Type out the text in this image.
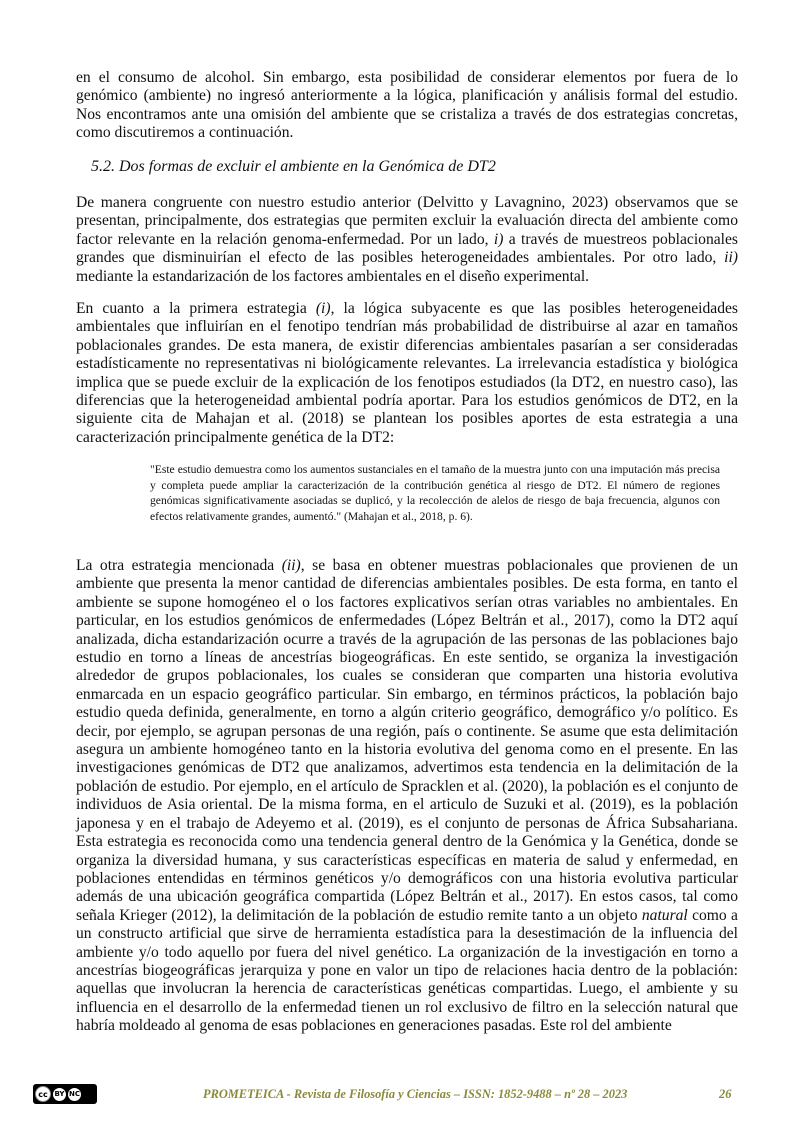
en el consumo de alcohol. Sin embargo, esta posibilidad de considerar elementos por fuera de lo genómico (ambiente) no ingresó anteriormente a la lógica, planificación y análisis formal del estudio. Nos encontramos ante una omisión del ambiente que se cristaliza a través de dos estrategias concretas, como discutiremos a continuación.

5.2. Dos formas de excluir el ambiente en la Genómica de DT2

De manera congruente con nuestro estudio anterior (Delvitto y Lavagnino, 2023) observamos que se presentan, principalmente, dos estrategias que permiten excluir la evaluación directa del ambiente como factor relevante en la relación genoma-enfermedad. Por un lado, i) a través de muestreos poblacionales grandes que disminuirían el efecto de las posibles heterogeneidades ambientales. Por otro lado, ii) mediante la estandarización de los factores ambientales en el diseño experimental.

En cuanto a la primera estrategia (i), la lógica subyacente es que las posibles heterogeneidades ambientales que influirían en el fenotipo tendrían más probabilidad de distribuirse al azar en tamaños poblacionales grandes. De esta manera, de existir diferencias ambientales pasarían a ser consideradas estadísticamente no representativas ni biológicamente relevantes. La irrelevancia estadística y biológica implica que se puede excluir de la explicación de los fenotipos estudiados (la DT2, en nuestro caso), las diferencias que la heterogeneidad ambiental podría aportar. Para los estudios genómicos de DT2, en la siguiente cita de Mahajan et al. (2018) se plantean los posibles aportes de esta estrategia a una caracterización principalmente genética de la DT2:

"Este estudio demuestra como los aumentos sustanciales en el tamaño de la muestra junto con una imputación más precisa y completa puede ampliar la caracterización de la contribución genética al riesgo de DT2. El número de regiones genómicas significativamente asociadas se duplicó, y la recolección de alelos de riesgo de baja frecuencia, algunos con efectos relativamente grandes, aumentó." (Mahajan et al., 2018, p. 6).

La otra estrategia mencionada (ii), se basa en obtener muestras poblacionales que provienen de un ambiente que presenta la menor cantidad de diferencias ambientales posibles. De esta forma, en tanto el ambiente se supone homogéneo el o los factores explicativos serían otras variables no ambientales. En particular, en los estudios genómicos de enfermedades (López Beltrán et al., 2017), como la DT2 aquí analizada, dicha estandarización ocurre a través de la agrupación de las personas de las poblaciones bajo estudio en torno a líneas de ancestrías biogeográficas. En este sentido, se organiza la investigación alrededor de grupos poblacionales, los cuales se consideran que comparten una historia evolutiva enmarcada en un espacio geográfico particular. Sin embargo, en términos prácticos, la población bajo estudio queda definida, generalmente, en torno a algún criterio geográfico, demográfico y/o político. Es decir, por ejemplo, se agrupan personas de una región, país o continente. Se asume que esta delimitación asegura un ambiente homogéneo tanto en la historia evolutiva del genoma como en el presente. En las investigaciones genómicas de DT2 que analizamos, advertimos esta tendencia en la delimitación de la población de estudio. Por ejemplo, en el artículo de Spracklen et al. (2020), la población es el conjunto de individuos de Asia oriental. De la misma forma, en el articulo de Suzuki et al. (2019), es la población japonesa y en el trabajo de Adeyemo et al. (2019), es el conjunto de personas de África Subsahariana. Esta estrategia es reconocida como una tendencia general dentro de la Genómica y la Genética, donde se organiza la diversidad humana, y sus características específicas en materia de salud y enfermedad, en poblaciones entendidas en términos genéticos y/o demográficos con una historia evolutiva particular además de una ubicación geográfica compartida (López Beltrán et al., 2017). En estos casos, tal como señala Krieger (2012), la delimitación de la población de estudio remite tanto a un objeto natural como a un constructo artificial que sirve de herramienta estadística para la desestimación de la influencia del ambiente y/o todo aquello por fuera del nivel genético. La organización de la investigación en torno a ancestrías biogeográficas jerarquiza y pone en valor un tipo de relaciones hacia dentro de la población: aquellas que involucran la herencia de características genéticas compartidas. Luego, el ambiente y su influencia en el desarrollo de la enfermedad tienen un rol exclusivo de filtro en la selección natural que habría moldeado al genoma de esas poblaciones en generaciones pasadas. Este rol del ambiente

cc BY NC	PROMETEICA - Revista de Filosofía y Ciencias – ISSN: 1852-9488 – nº 28 – 2023	26
